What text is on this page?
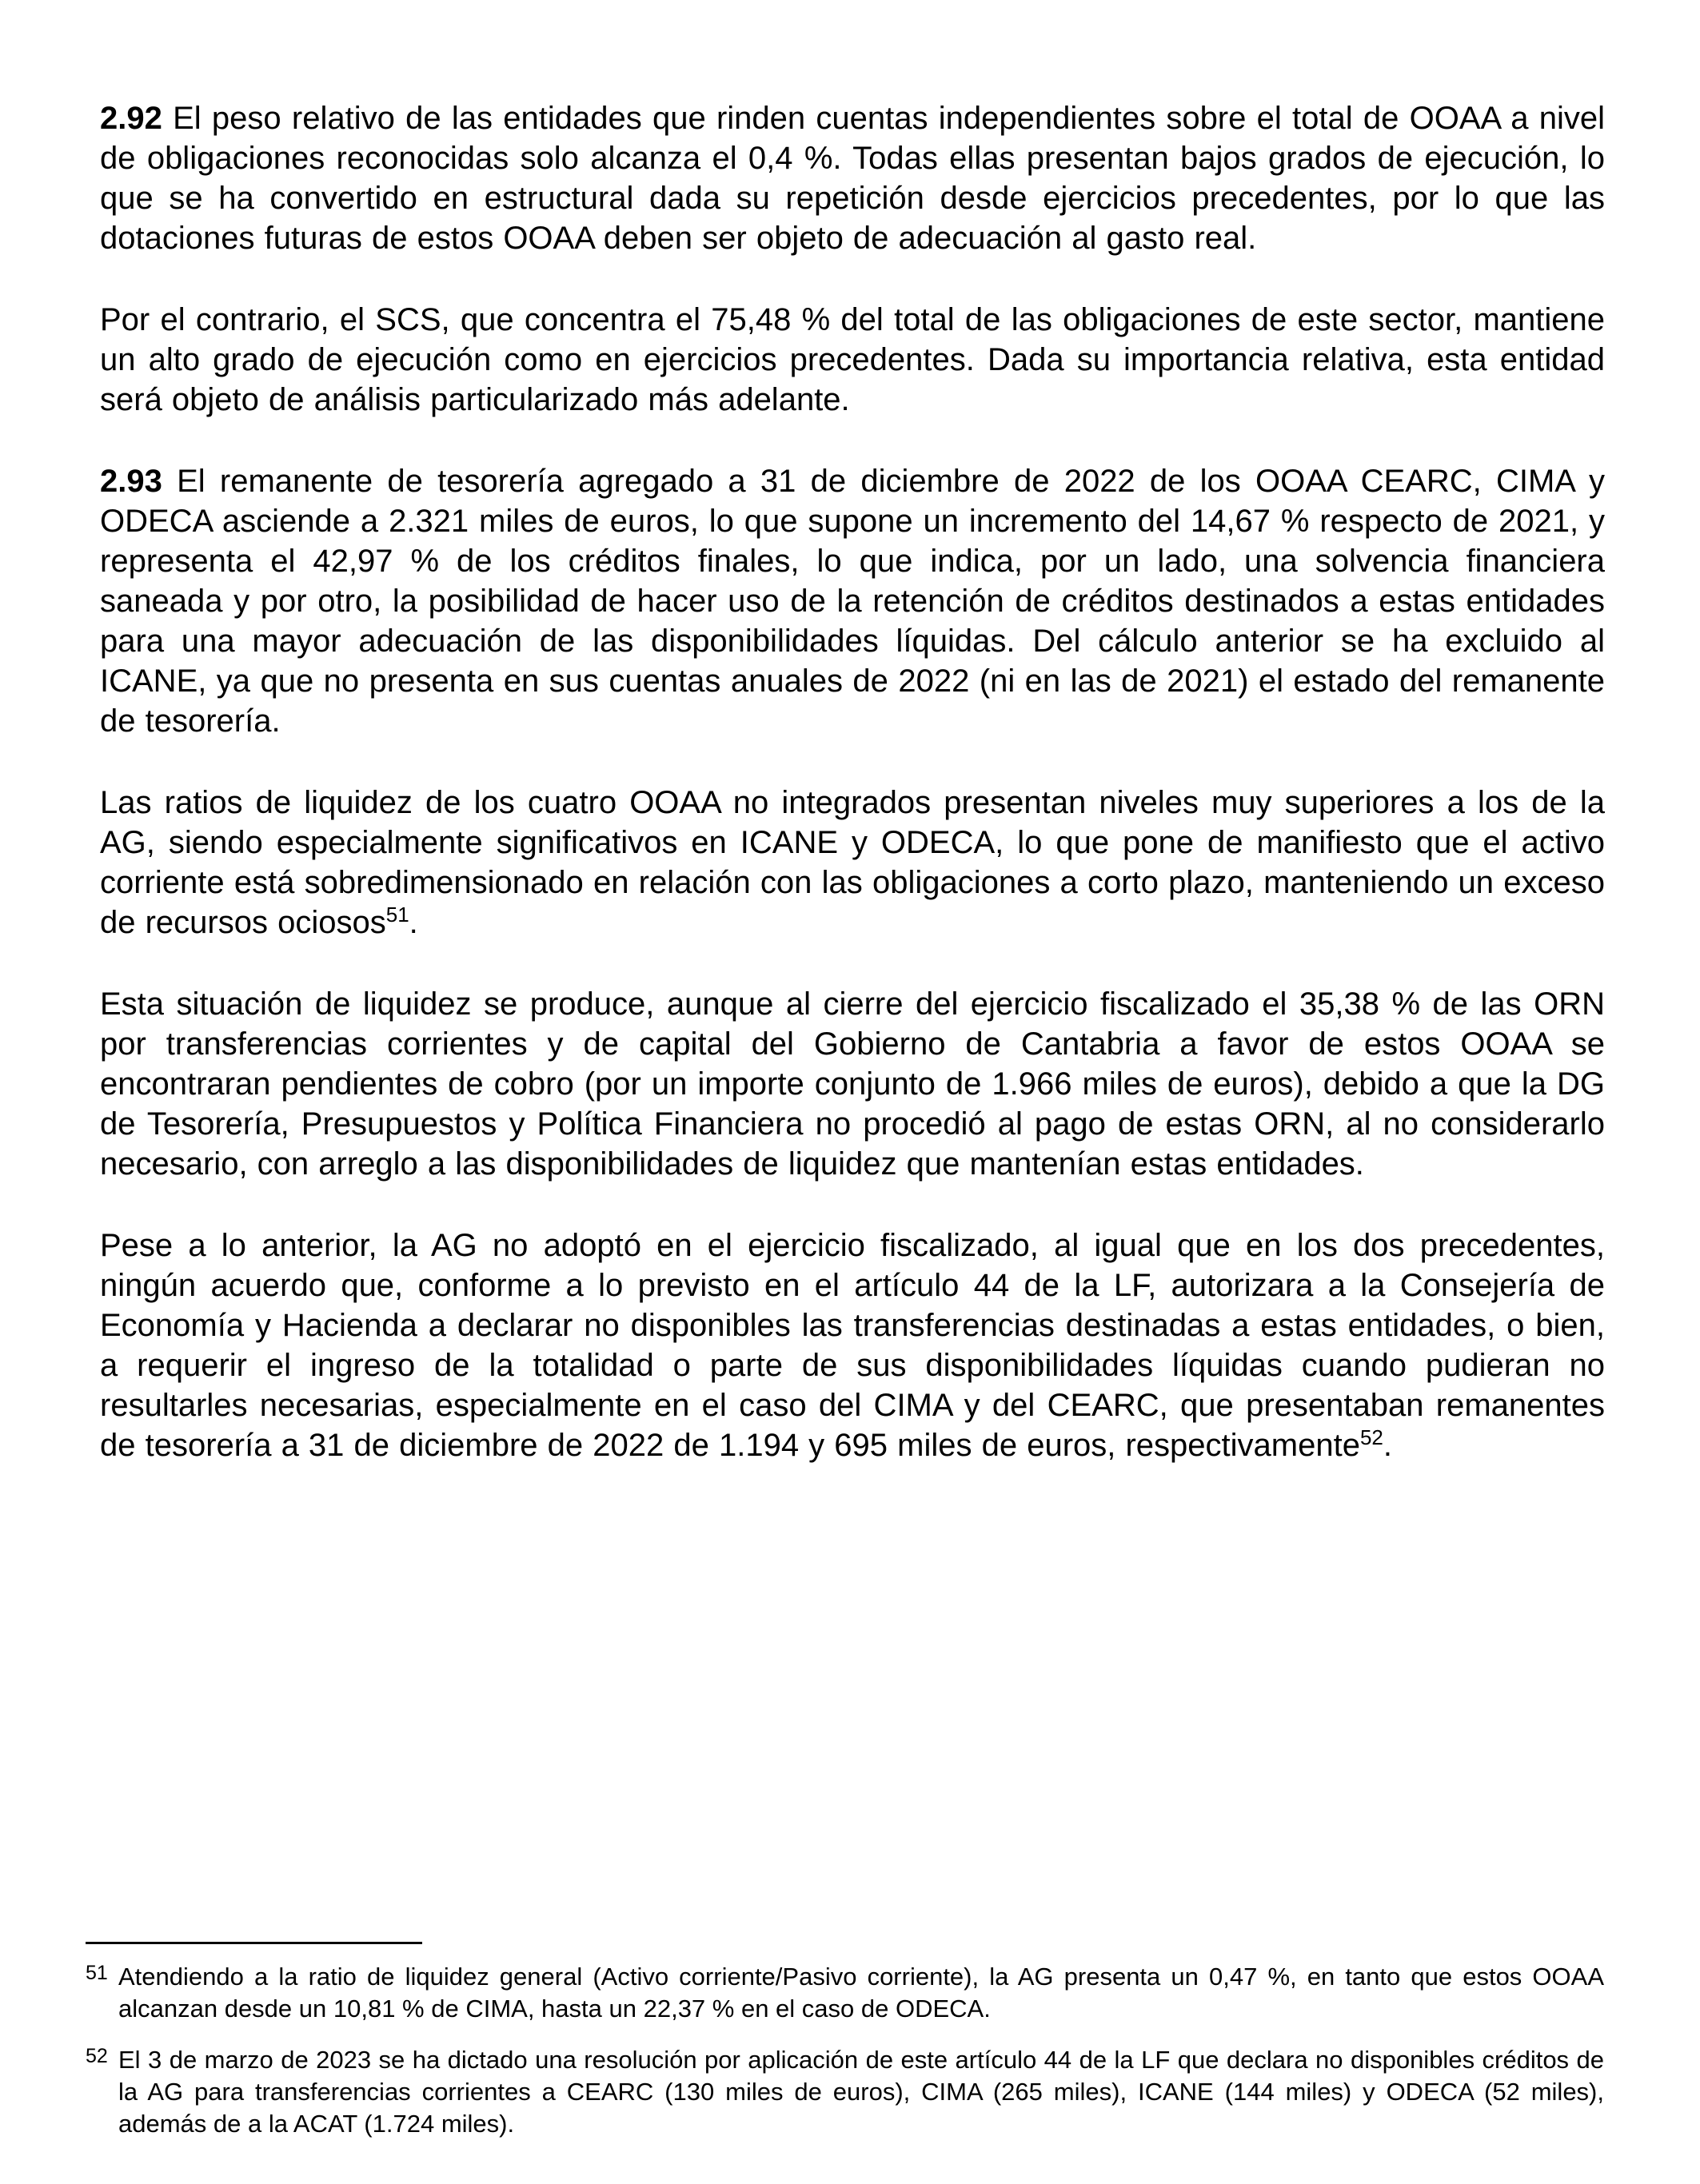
2.92 El peso relativo de las entidades que rinden cuentas independientes sobre el total de OOAA a nivel de obligaciones reconocidas solo alcanza el 0,4 %. Todas ellas presentan bajos grados de ejecución, lo que se ha convertido en estructural dada su repetición desde ejercicios precedentes, por lo que las dotaciones futuras de estos OOAA deben ser objeto de adecuación al gasto real.

Por el contrario, el SCS, que concentra el 75,48 % del total de las obligaciones de este sector, mantiene un alto grado de ejecución como en ejercicios precedentes. Dada su importancia relativa, esta entidad será objeto de análisis particularizado más adelante.

2.93 El remanente de tesorería agregado a 31 de diciembre de 2022 de los OOAA CEARC, CIMA y ODECA asciende a 2.321 miles de euros, lo que supone un incremento del 14,67 % respecto de 2021, y representa el 42,97 % de los créditos finales, lo que indica, por un lado, una solvencia financiera saneada y por otro, la posibilidad de hacer uso de la retención de créditos destinados a estas entidades para una mayor adecuación de las disponibilidades líquidas. Del cálculo anterior se ha excluido al ICANE, ya que no presenta en sus cuentas anuales de 2022 (ni en las de 2021) el estado del remanente de tesorería.

Las ratios de liquidez de los cuatro OOAA no integrados presentan niveles muy superiores a los de la AG, siendo especialmente significativos en ICANE y ODECA, lo que pone de manifiesto que el activo corriente está sobredimensionado en relación con las obligaciones a corto plazo, manteniendo un exceso de recursos ociosos$^{51}$.

Esta situación de liquidez se produce, aunque al cierre del ejercicio fiscalizado el 35,38 % de las ORN por transferencias corrientes y de capital del Gobierno de Cantabria a favor de estos OOAA se encontraran pendientes de cobro (por un importe conjunto de 1.966 miles de euros), debido a que la DG de Tesorería, Presupuestos y Política Financiera no procedió al pago de estas ORN, al no considerarlo necesario, con arreglo a las disponibilidades de liquidez que mantenían estas entidades.

Pese a lo anterior, la AG no adoptó en el ejercicio fiscalizado, al igual que en los dos precedentes, ningún acuerdo que, conforme a lo previsto en el artículo 44 de la LF, autorizara a la Consejería de Economía y Hacienda a declarar no disponibles las transferencias destinadas a estas entidades, o bien, a requerir el ingreso de la totalidad o parte de sus disponibilidades líquidas cuando pudieran no resultarles necesarias, especialmente en el caso del CIMA y del CEARC, que presentaban remanentes de tesorería a 31 de diciembre de 2022 de 1.194 y 695 miles de euros, respectivamente$^{52}$.

51 Atendiendo a la ratio de liquidez general (Activo corriente/Pasivo corriente), la AG presenta un 0,47 %, en tanto que estos OOAA alcanzan desde un 10,81 % de CIMA, hasta un 22,37 % en el caso de ODECA.
52 El 3 de marzo de 2023 se ha dictado una resolución por aplicación de este artículo 44 de la LF que declara no disponibles créditos de la AG para transferencias corrientes a CEARC (130 miles de euros), CIMA (265 miles), ICANE (144 miles) y ODECA (52 miles), además de a la ACAT (1.724 miles).
